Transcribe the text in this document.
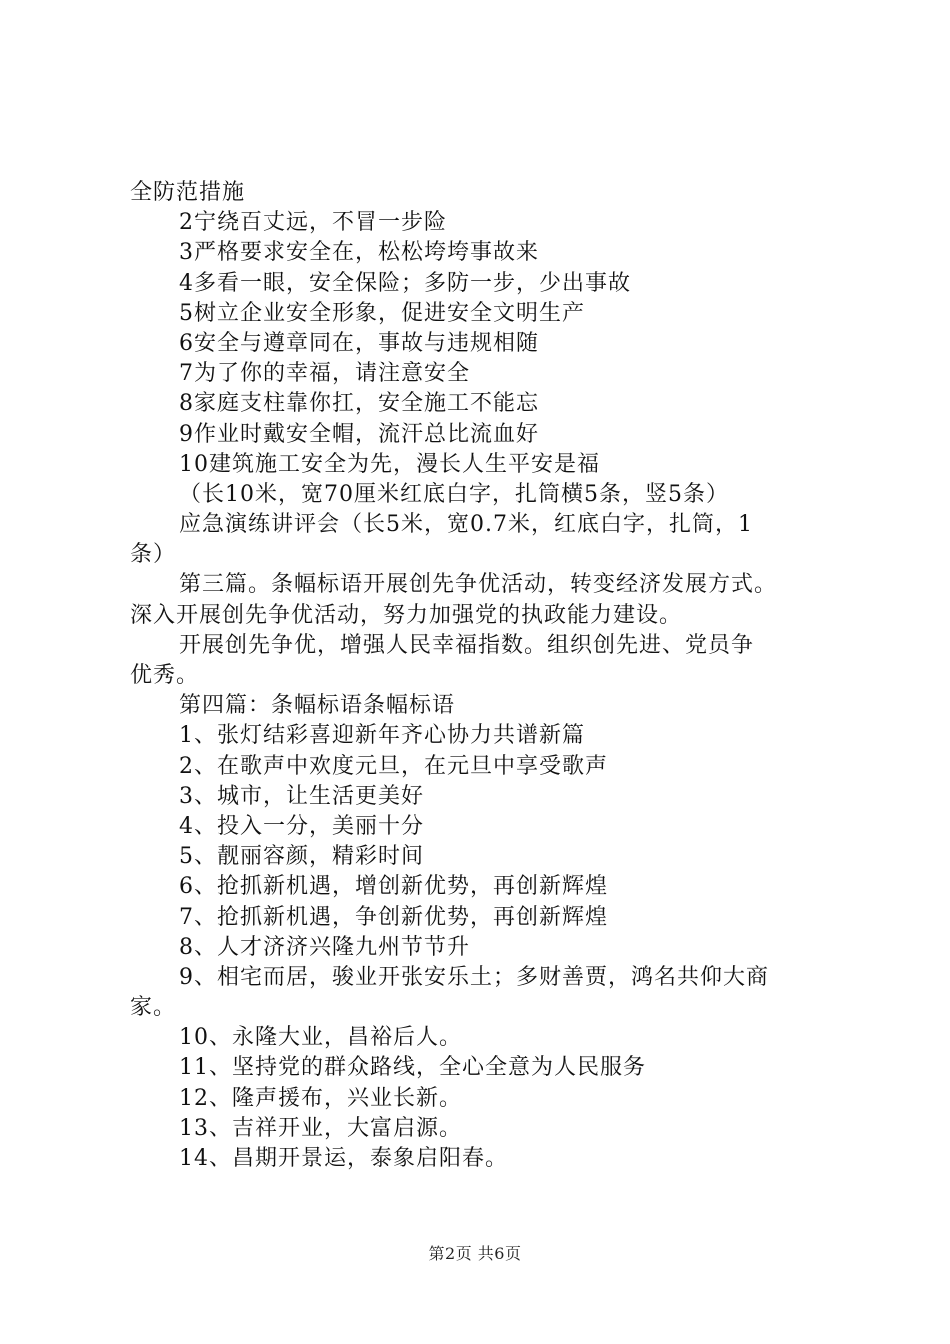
全防范措施
2宁绕百丈远，不冒一步险
3严格要求安全在，松松垮垮事故来
4多看一眼，安全保险；多防一步，少出事故
5树立企业安全形象，促进安全文明生产
6安全与遵章同在，事故与违规相随
7为了你的幸福，请注意安全
8家庭支柱靠你扛，安全施工不能忘
9作业时戴安全帽，流汗总比流血好
10建筑施工安全为先，漫长人生平安是福
（长10米，宽70厘米红底白字，扎筒横5条，竖5条）
应急演练讲评会（长5米，宽0.7米，红底白字，扎筒，1
条）
第三篇。条幅标语开展创先争优活动，转变经济发展方式。
深入开展创先争优活动，努力加强党的执政能力建设。
开展创先争优，增强人民幸福指数。组织创先进、党员争
优秀。
第四篇：条幅标语条幅标语
1、张灯结彩喜迎新年齐心协力共谱新篇
2、在歌声中欢度元旦，在元旦中享受歌声
3、城市，让生活更美好
4、投入一分，美丽十分
5、靓丽容颜，精彩时间
6、抢抓新机遇，增创新优势，再创新辉煌
7、抢抓新机遇，争创新优势，再创新辉煌
8、人才济济兴隆九州节节升
9、相宅而居，骏业开张安乐土；多财善贾，鸿名共仰大商
家。
10、永隆大业，昌裕后人。
11、坚持党的群众路线，全心全意为人民服务
12、隆声援布，兴业长新。
13、吉祥开业，大富启源。
14、昌期开景运，泰象启阳春。
第2页 共6页
